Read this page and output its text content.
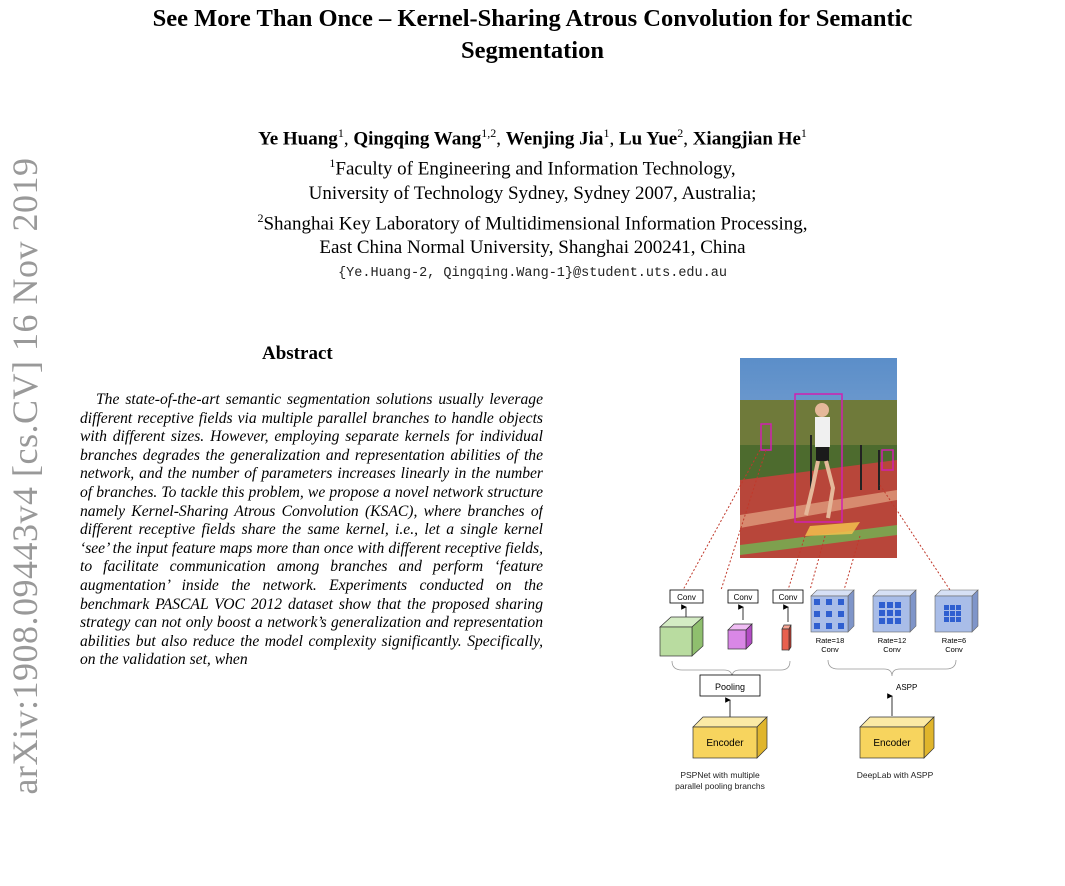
See More Than Once – Kernel-Sharing Atrous Convolution for Semantic
Segmentation
Ye Huang$^1$, Qingqing Wang$^{1,2}$, Wenjing Jia$^1$, Lu Yue$^2$, Xiangjian He$^1$
$^1$Faculty of Engineering and Information Technology,
University of Technology Sydney, Sydney 2007, Australia;
$^2$Shanghai Key Laboratory of Multidimensional Information Processing,
East China Normal University, Shanghai 200241, China
{Ye.Huang-2, Qingqing.Wang-1}@student.uts.edu.au
arXiv:1908.09443v4 [cs.CV] 16 Nov 2019	Abstract
The state-of-the-art semantic segmentation solutions usually leverage different receptive fields via multiple parallel branches to handle objects with different sizes. However, employing separate kernels for individual branches degrades the generalization and representation abilities of the network, and the number of parameters increases linearly in the number of branches. To tackle this problem, we propose a novel network structure namely Kernel-Sharing Atrous Convolution (KSAC), where branches of different receptive fields share the same kernel, i.e., let a single kernel ‘see’ the input feature maps more than once with different receptive fields, to facilitate communication among branches and perform ‘feature augmentation’ inside the network. Experiments conducted on the benchmark PASCAL VOC 2012 dataset show that the proposed sharing strategy can not only boost a network’s generalization and representation abilities but also reduce the model complexity significantly. Specifically, on the validation set, when
Conv	Conv	Conv
Pooling
Encoder
PSPNet with multiple
parallel pooling branchs
Rate=18
Conv
Rate=12
Conv
Rate=6
Conv
ASPP
Encoder
DeepLab with ASPP
